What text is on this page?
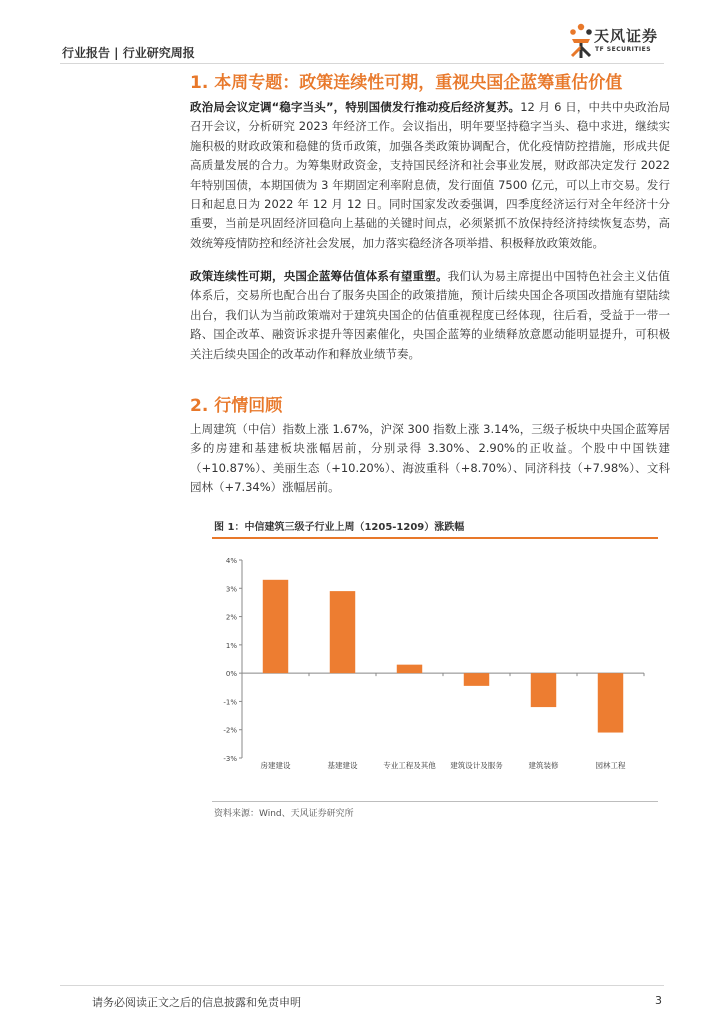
行业报告 | 行业研究周报
天风证券
TF SECURITIES
1. 本周专题：政策连续性可期，重视央国企蓝筹重估价值
政治局会议定调“稳字当头”，特别国债发行推动疫后经济复苏。12 月 6 日，中共中央政治局召开会议，分析研究 2023 年经济工作。会议指出，明年要坚持稳字当头、稳中求进，继续实施积极的财政政策和稳健的货币政策，加强各类政策协调配合，优化疫情防控措施，形成共促高质量发展的合力。为筹集财政资金，支持国民经济和社会事业发展，财政部决定发行 2022 年特别国债，本期国债为 3 年期固定利率附息债，发行面值 7500 亿元，可以上市交易。发行日和起息日为 2022 年 12 月 12 日。同时国家发改委强调，四季度经济运行对全年经济十分重要，当前是巩固经济回稳向上基础的关键时间点，必须紧抓不放保持经济持续恢复态势，高效统筹疫情防控和经济社会发展，加力落实稳经济各项举措、积极释放政策效能。
政策连续性可期，央国企蓝筹估值体系有望重塑。我们认为易主席提出中国特色社会主义估值体系后，交易所也配合出台了服务央国企的政策措施，预计后续央国企各项国改措施有望陆续出台，我们认为当前政策端对于建筑央国企的估值重视程度已经体现，往后看，受益于一带一路、国企改革、融资诉求提升等因素催化，央国企蓝筹的业绩释放意愿动能明显提升，可积极关注后续央国企的改革动作和释放业绩节奏。
2. 行情回顾
上周建筑（中信）指数上涨 1.67%，沪深 300 指数上涨 3.14%，三级子板块中央国企蓝筹居多的房建和基建板块涨幅居前，分别录得 3.30%、2.90%的正收益。个股中中国铁建（+10.87%）、美丽生态（+10.20%）、海波重科（+8.70%）、同济科技（+7.98%）、文科园林（+7.34%）涨幅居前。
图 1：中信建筑三级子行业上周（1205-1209）涨跌幅
4%
3%
2%
1%
0%
-1%
-2%
-3%
房建建设	基建建设	专业工程及其他 建筑设计及服务	建筑装修	园林工程
资料来源：Wind、天风证券研究所
请务必阅读正文之后的信息披露和免责申明	3
